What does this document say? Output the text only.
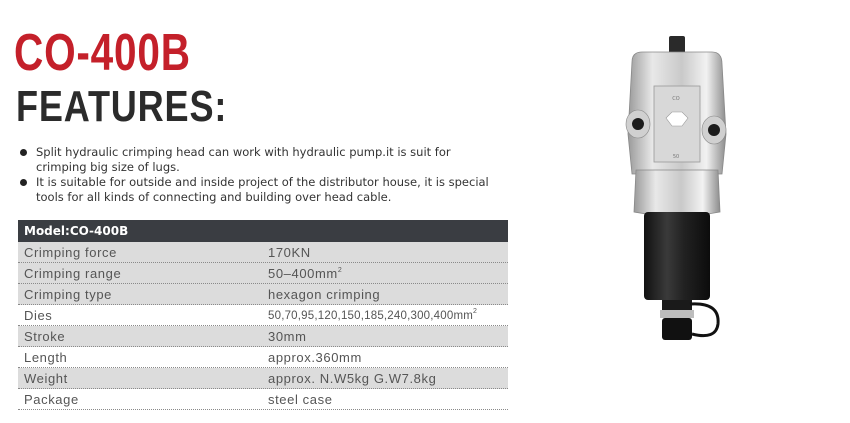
CO-400B
FEATURES:
Split hydraulic crimping head can work with hydraulic pump.it is suit for crimping big size of lugs.
It is suitable for outside and inside project of the distributor house, it is special tools for all kinds of connecting and building over head cable.
Model:CO-400B
Crimping force	170KN
Crimping range	$50-400mm^2$
Crimping type	hexagon crimping
Dies	$50,70,95,120,150,185,240,300,400mm^2$
Stroke	30mm
Length	approx.360mm
Weight	approx. N.W5kg G.W7.8kg
Package	steel case
CO
50
